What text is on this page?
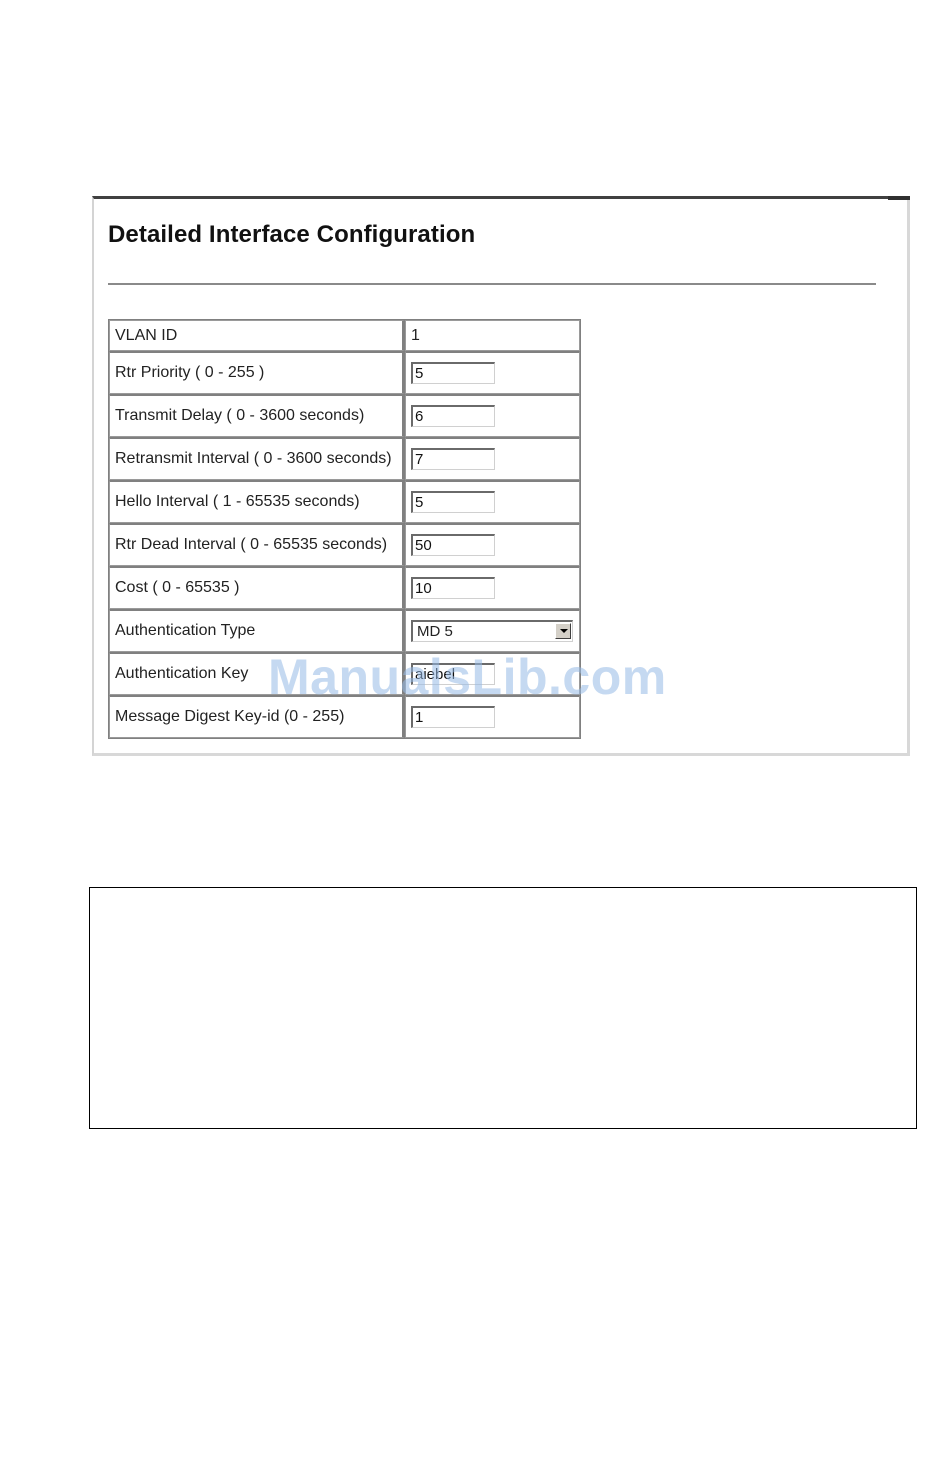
Detailed Interface Configuration
VLAN ID	1
Rtr Priority ( 0 - 255 )	5
Transmit Delay ( 0 - 3600 seconds)	6
Retransmit Interval ( 0 - 3600 seconds)	7
Hello Interval ( 1 - 65535 seconds)	5
Rtr Dead Interval ( 0 - 65535 seconds)	50
Cost ( 0 - 65535 )	10
Authentication Type	MD 5

Authentication Key	aiebel
Message Digest Key-id (0 - 255)	1
ManualsLib.com
